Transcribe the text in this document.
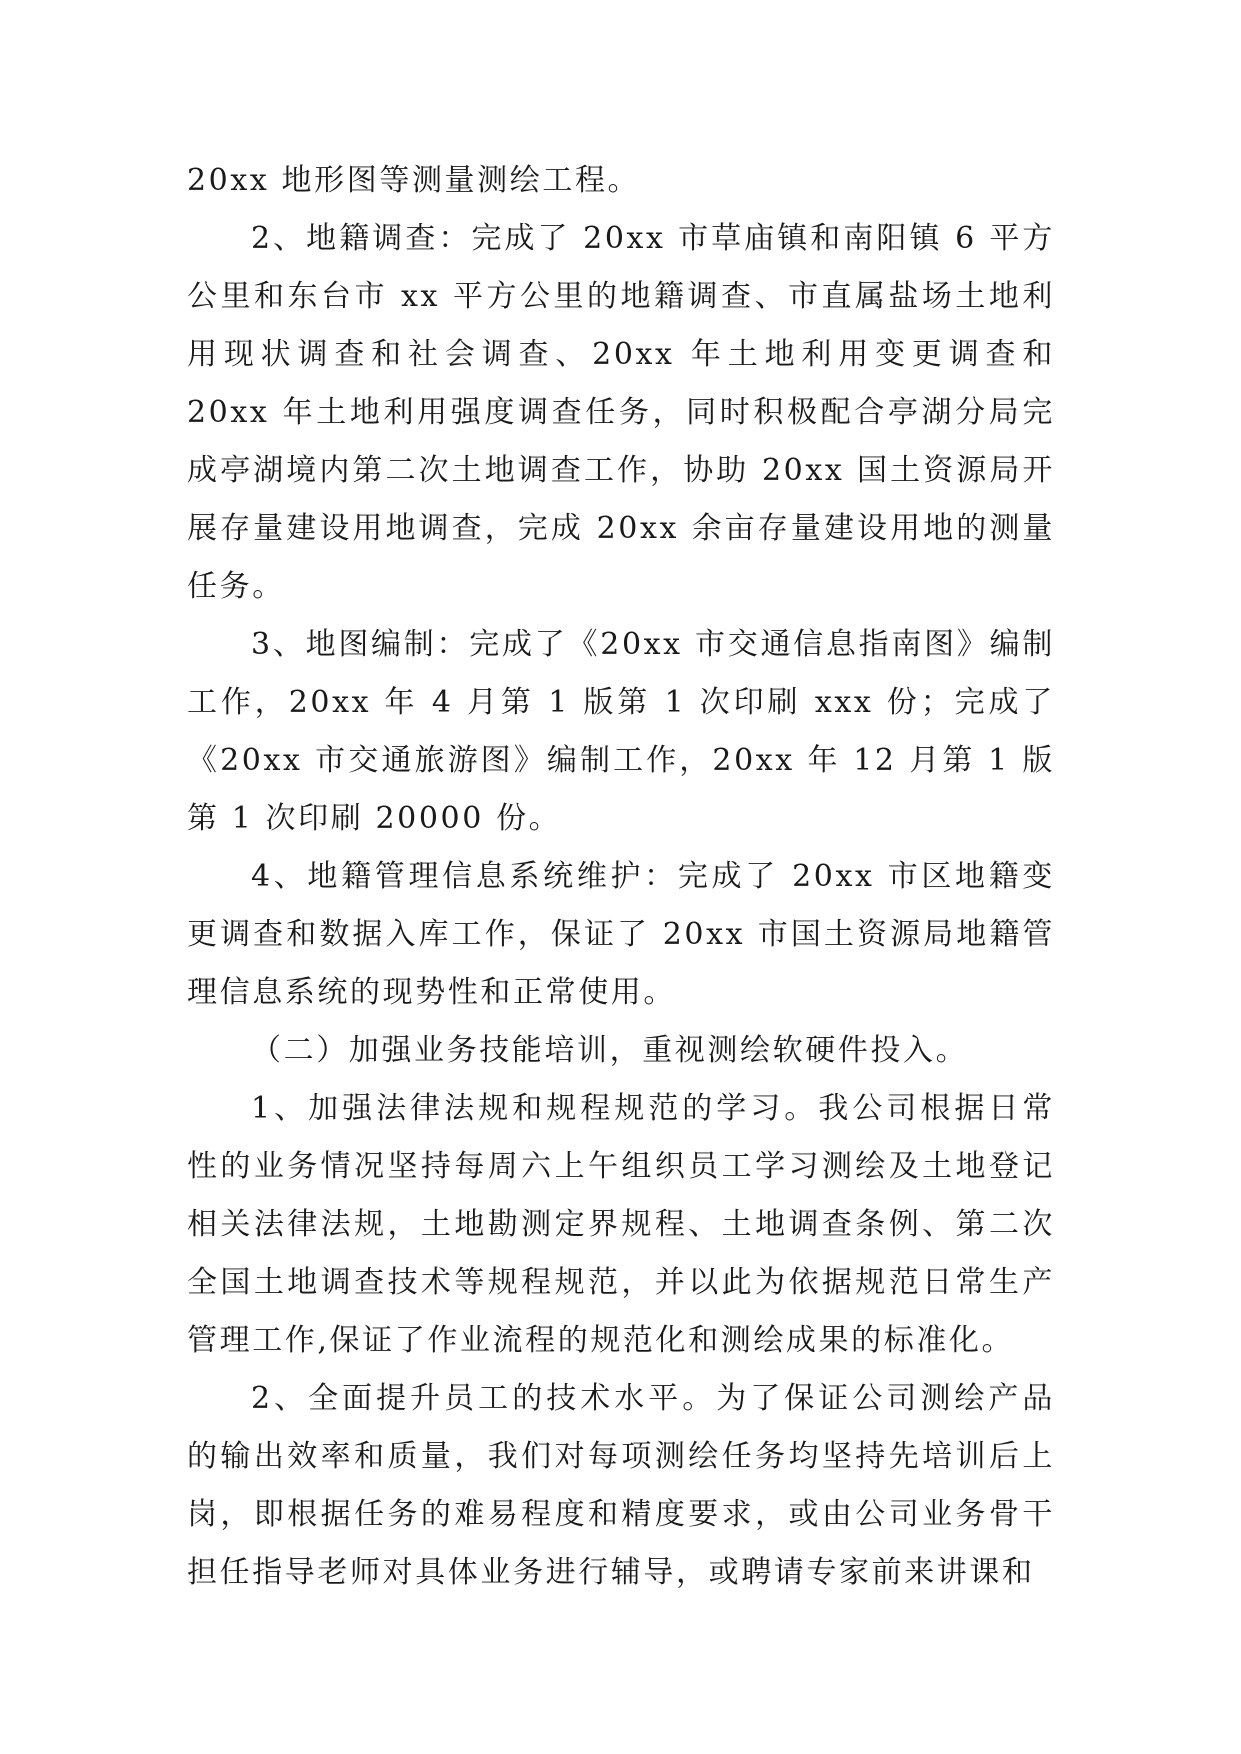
20xx 地形图等测量测绘工程。

2、地籍调查：完成了 20xx 市草庙镇和南阳镇 6 平方公里和东台市 xx 平方公里的地籍调查、市直属盐场土地利用现状调查和社会调查、20xx 年土地利用变更调查和 20xx 年土地利用强度调查任务，同时积极配合亭湖分局完成亭湖境内第二次土地调查工作，协助 20xx 国土资源局开展存量建设用地调查，完成 20xx 余亩存量建设用地的测量任务。

3、地图编制：完成了《20xx 市交通信息指南图》编制工作，20xx 年 4 月第 1 版第 1 次印刷 xxx 份；完成了《20xx 市交通旅游图》编制工作，20xx 年 12 月第 1 版第 1 次印刷 20000 份。

4、地籍管理信息系统维护：完成了 20xx 市区地籍变更调查和数据入库工作，保证了 20xx 市国土资源局地籍管理信息系统的现势性和正常使用。

（二）加强业务技能培训，重视测绘软硬件投入。

1、加强法律法规和规程规范的学习。我公司根据日常性的业务情况坚持每周六上午组织员工学习测绘及土地登记相关法律法规，土地勘测定界规程、土地调查条例、第二次全国土地调查技术等规程规范，并以此为依据规范日常生产管理工作,保证了作业流程的规范化和测绘成果的标准化。

2、全面提升员工的技术水平。为了保证公司测绘产品的输出效率和质量，我们对每项测绘任务均坚持先培训后上岗，即根据任务的难易程度和精度要求，或由公司业务骨干担任指导老师对具体业务进行辅导，或聘请专家前来讲课和
